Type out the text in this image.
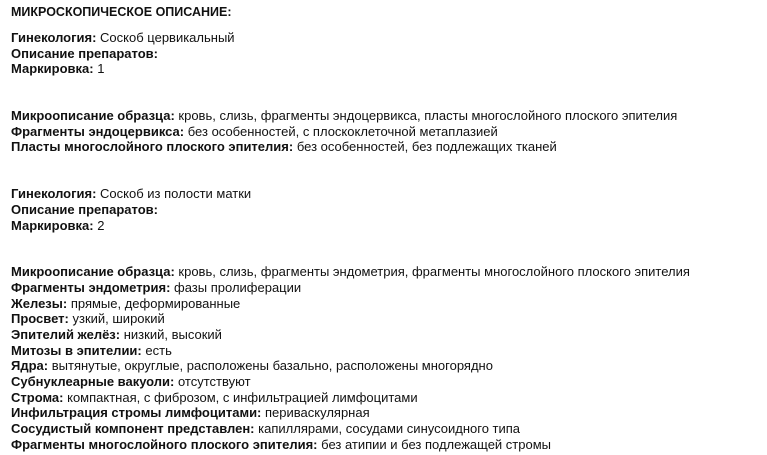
МИКРОСКОПИЧЕСКОЕ ОПИСАНИЕ:
Гинекология: Соскоб цервикальный
Описание препаратов:
Маркировка: 1
Микроописание образца: кровь, слизь, фрагменты эндоцервикса, пласты многослойного плоского эпителия
Фрагменты эндоцервикса: без особенностей, с плоскоклеточной метаплазией
Пласты многослойного плоского эпителия: без особенностей, без подлежащих тканей
Гинекология: Соскоб из полости матки
Описание препаратов:
Маркировка: 2
Микроописание образца: кровь, слизь, фрагменты эндометрия, фрагменты многослойного плоского эпителия
Фрагменты эндометрия: фазы пролиферации
Железы: прямые, деформированные
Просвет: узкий, широкий
Эпителий желёз: низкий, высокий
Митозы в эпителии: есть
Ядра: вытянутые, округлые, расположены базально, расположены многорядно
Субнуклеарные вакуоли: отсутствуют
Строма: компактная, с фиброзом, с инфильтрацией лимфоцитами
Инфильтрация стромы лимфоцитами: периваскулярная
Сосудистый компонент представлен: капиллярами, сосудами синусоидного типа
Фрагменты многослойного плоского эпителия: без атипии и без подлежащей стромы
